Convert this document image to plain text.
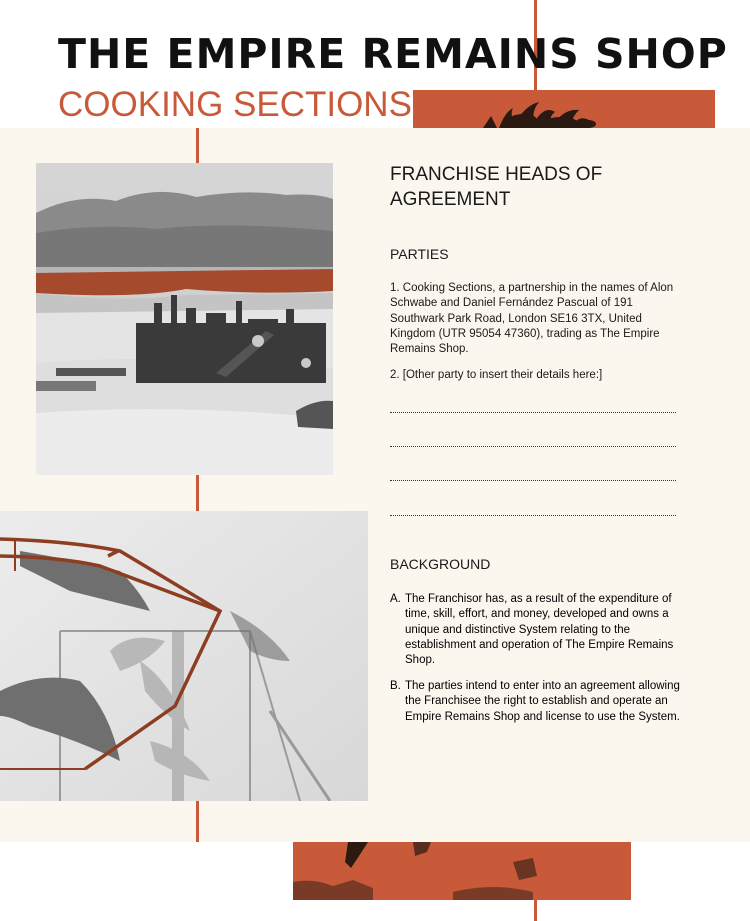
THE EMPIRE REMAINS SHOP
COOKING SECTIONS
FRANCHISE HEADS OF AGREEMENT
PARTIES
1. Cooking Sections, a partnership in the names of Alon Schwabe and Daniel Fernández Pascual of 191 Southwark Park Road, London SE16 3TX, United Kingdom (UTR 95054 47360), trading as The Empire Remains Shop.
2. [Other party to insert their details here:]
BACKGROUND
A. The Franchisor has, as a result of the expenditure of time, skill, effort, and money, developed and owns a unique and distinctive System relating to the establishment and operation of The Empire Remains Shop.
B. The parties intend to enter into an agreement allowing the Franchisee the right to establish and operate an Empire Remains Shop and license to use the System.
